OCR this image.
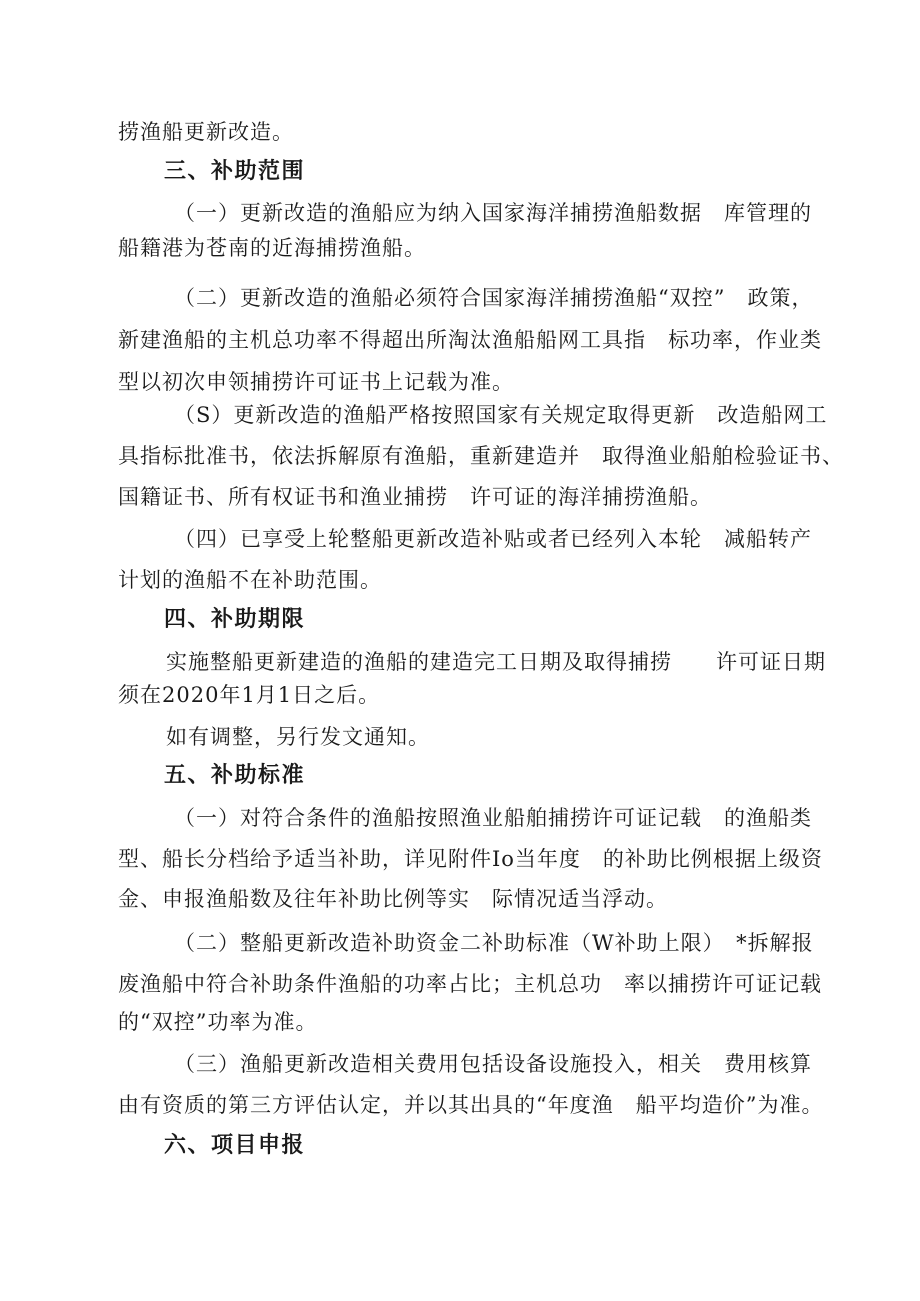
捞渔船更新改造。
三、补助范围
（一）更新改造的渔船应为纳入国家海洋捕捞渔船数据　库管理的
船籍港为苍南的近海捕捞渔船。
（二）更新改造的渔船必须符合国家海洋捕捞渔船“双控”　政策，
新建渔船的主机总功率不得超出所淘汰渔船船网工具指　标功率，作业类
型以初次申领捕捞许可证书上记载为准。
（S）更新改造的渔船严格按照国家有关规定取得更新　改造船网工
具指标批准书，依法拆解原有渔船，重新建造并　取得渔业船舶检验证书、
国籍证书、所有权证书和渔业捕捞　许可证的海洋捕捞渔船。
（四）已享受上轮整船更新改造补贴或者已经列入本轮　减船转产
计划的渔船不在补助范围。
四、补助期限
实施整船更新建造的渔船的建造完工日期及取得捕捞　　许可证日期
须在2020年1月1日之后。
如有调整，另行发文通知。
五、补助标准
（一）对符合条件的渔船按照渔业船舶捕捞许可证记载　的渔船类
型、船长分档给予适当补助，详见附件Io当年度　的补助比例根据上级资
金、申报渔船数及往年补助比例等实　际情况适当浮动。
（二）整船更新改造补助资金二补助标准（W补助上限）　*拆解报
废渔船中符合补助条件渔船的功率占比；主机总功　率以捕捞许可证记载
的“双控”功率为准。
（三）渔船更新改造相关费用包括设备设施投入，相关　费用核算
由有资质的第三方评估认定，并以其出具的“年度渔　船平均造价”为准。
六、项目申报
